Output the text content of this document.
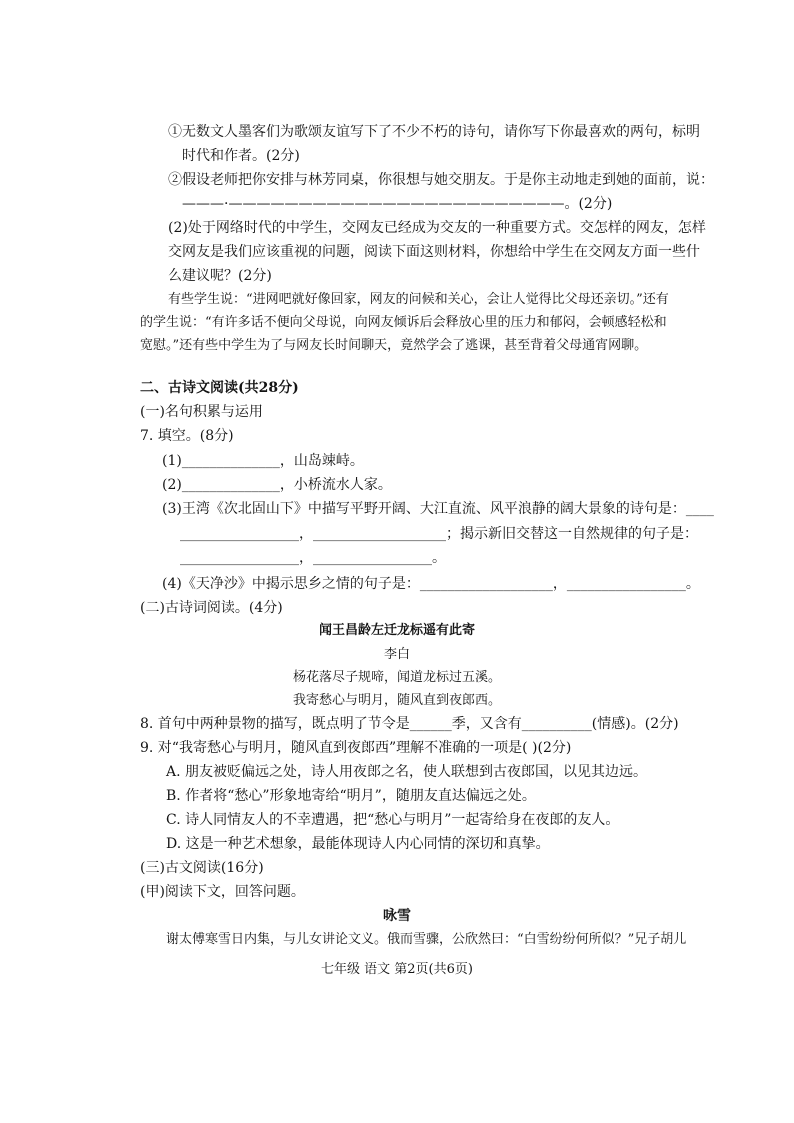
①无数文人墨客们为歌颂友谊写下了不少不朽的诗句，请你写下你最喜欢的两句，标明
时代和作者。(2分)
②假设老师把你安排与林芳同桌，你很想与她交朋友。于是你主动地走到她的面前，说：
———·————————————————————————。(2分)
(2)处于网络时代的中学生，交网友已经成为交友的一种重要方式。交怎样的网友，怎样
交网友是我们应该重视的问题，阅读下面这则材料，你想给中学生在交网友方面一些什
么建议呢？(2分)
有些学生说：“进网吧就好像回家，网友的问候和关心，会让人觉得比父母还亲切。”还有
的学生说：“有许多话不便向父母说，向网友倾诉后会释放心里的压力和郁闷，会顿感轻松和
宽慰。”还有些中学生为了与网友长时间聊天，竟然学会了逃课，甚至背着父母通宵网聊。
二、古诗文阅读(共28分)
(一)名句积累与运用
7. 填空。(8分)
(1)______________，山岛竦峙。
(2)______________，小桥流水人家。
(3)王湾《次北固山下》中描写平野开阔、大江直流、风平浪静的阔大景象的诗句是：____
_________________，___________________；揭示新旧交替这一自然规律的句子是：
_________________，_________________。
(4)《天净沙》中揭示思乡之情的句子是：___________________，_________________。
(二)古诗词阅读。(4分)
闻王昌龄左迁龙标遥有此寄
李白
杨花落尽子规啼，闻道龙标过五溪。
我寄愁心与明月，随风直到夜郎西。
8. 首句中两种景物的描写，既点明了节令是______季，又含有__________(情感)。(2分)
9. 对“我寄愁心与明月，随风直到夜郎西”理解不准确的一项是( )(2分)
A. 朋友被贬偏远之处，诗人用夜郎之名，使人联想到古夜郎国，以见其边远。
B. 作者将“愁心”形象地寄给“明月”，随朋友直达偏远之处。
C. 诗人同情友人的不幸遭遇，把“愁心与明月”一起寄给身在夜郎的友人。
D. 这是一种艺术想象，最能体现诗人内心同情的深切和真挚。
(三)古文阅读(16分)
(甲)阅读下文，回答问题。
咏雪
谢太傅寒雪日内集，与儿女讲论文义。俄而雪骤，公欣然曰：“白雪纷纷何所似？”兄子胡儿
七年级 语文 第2页(共6页)
